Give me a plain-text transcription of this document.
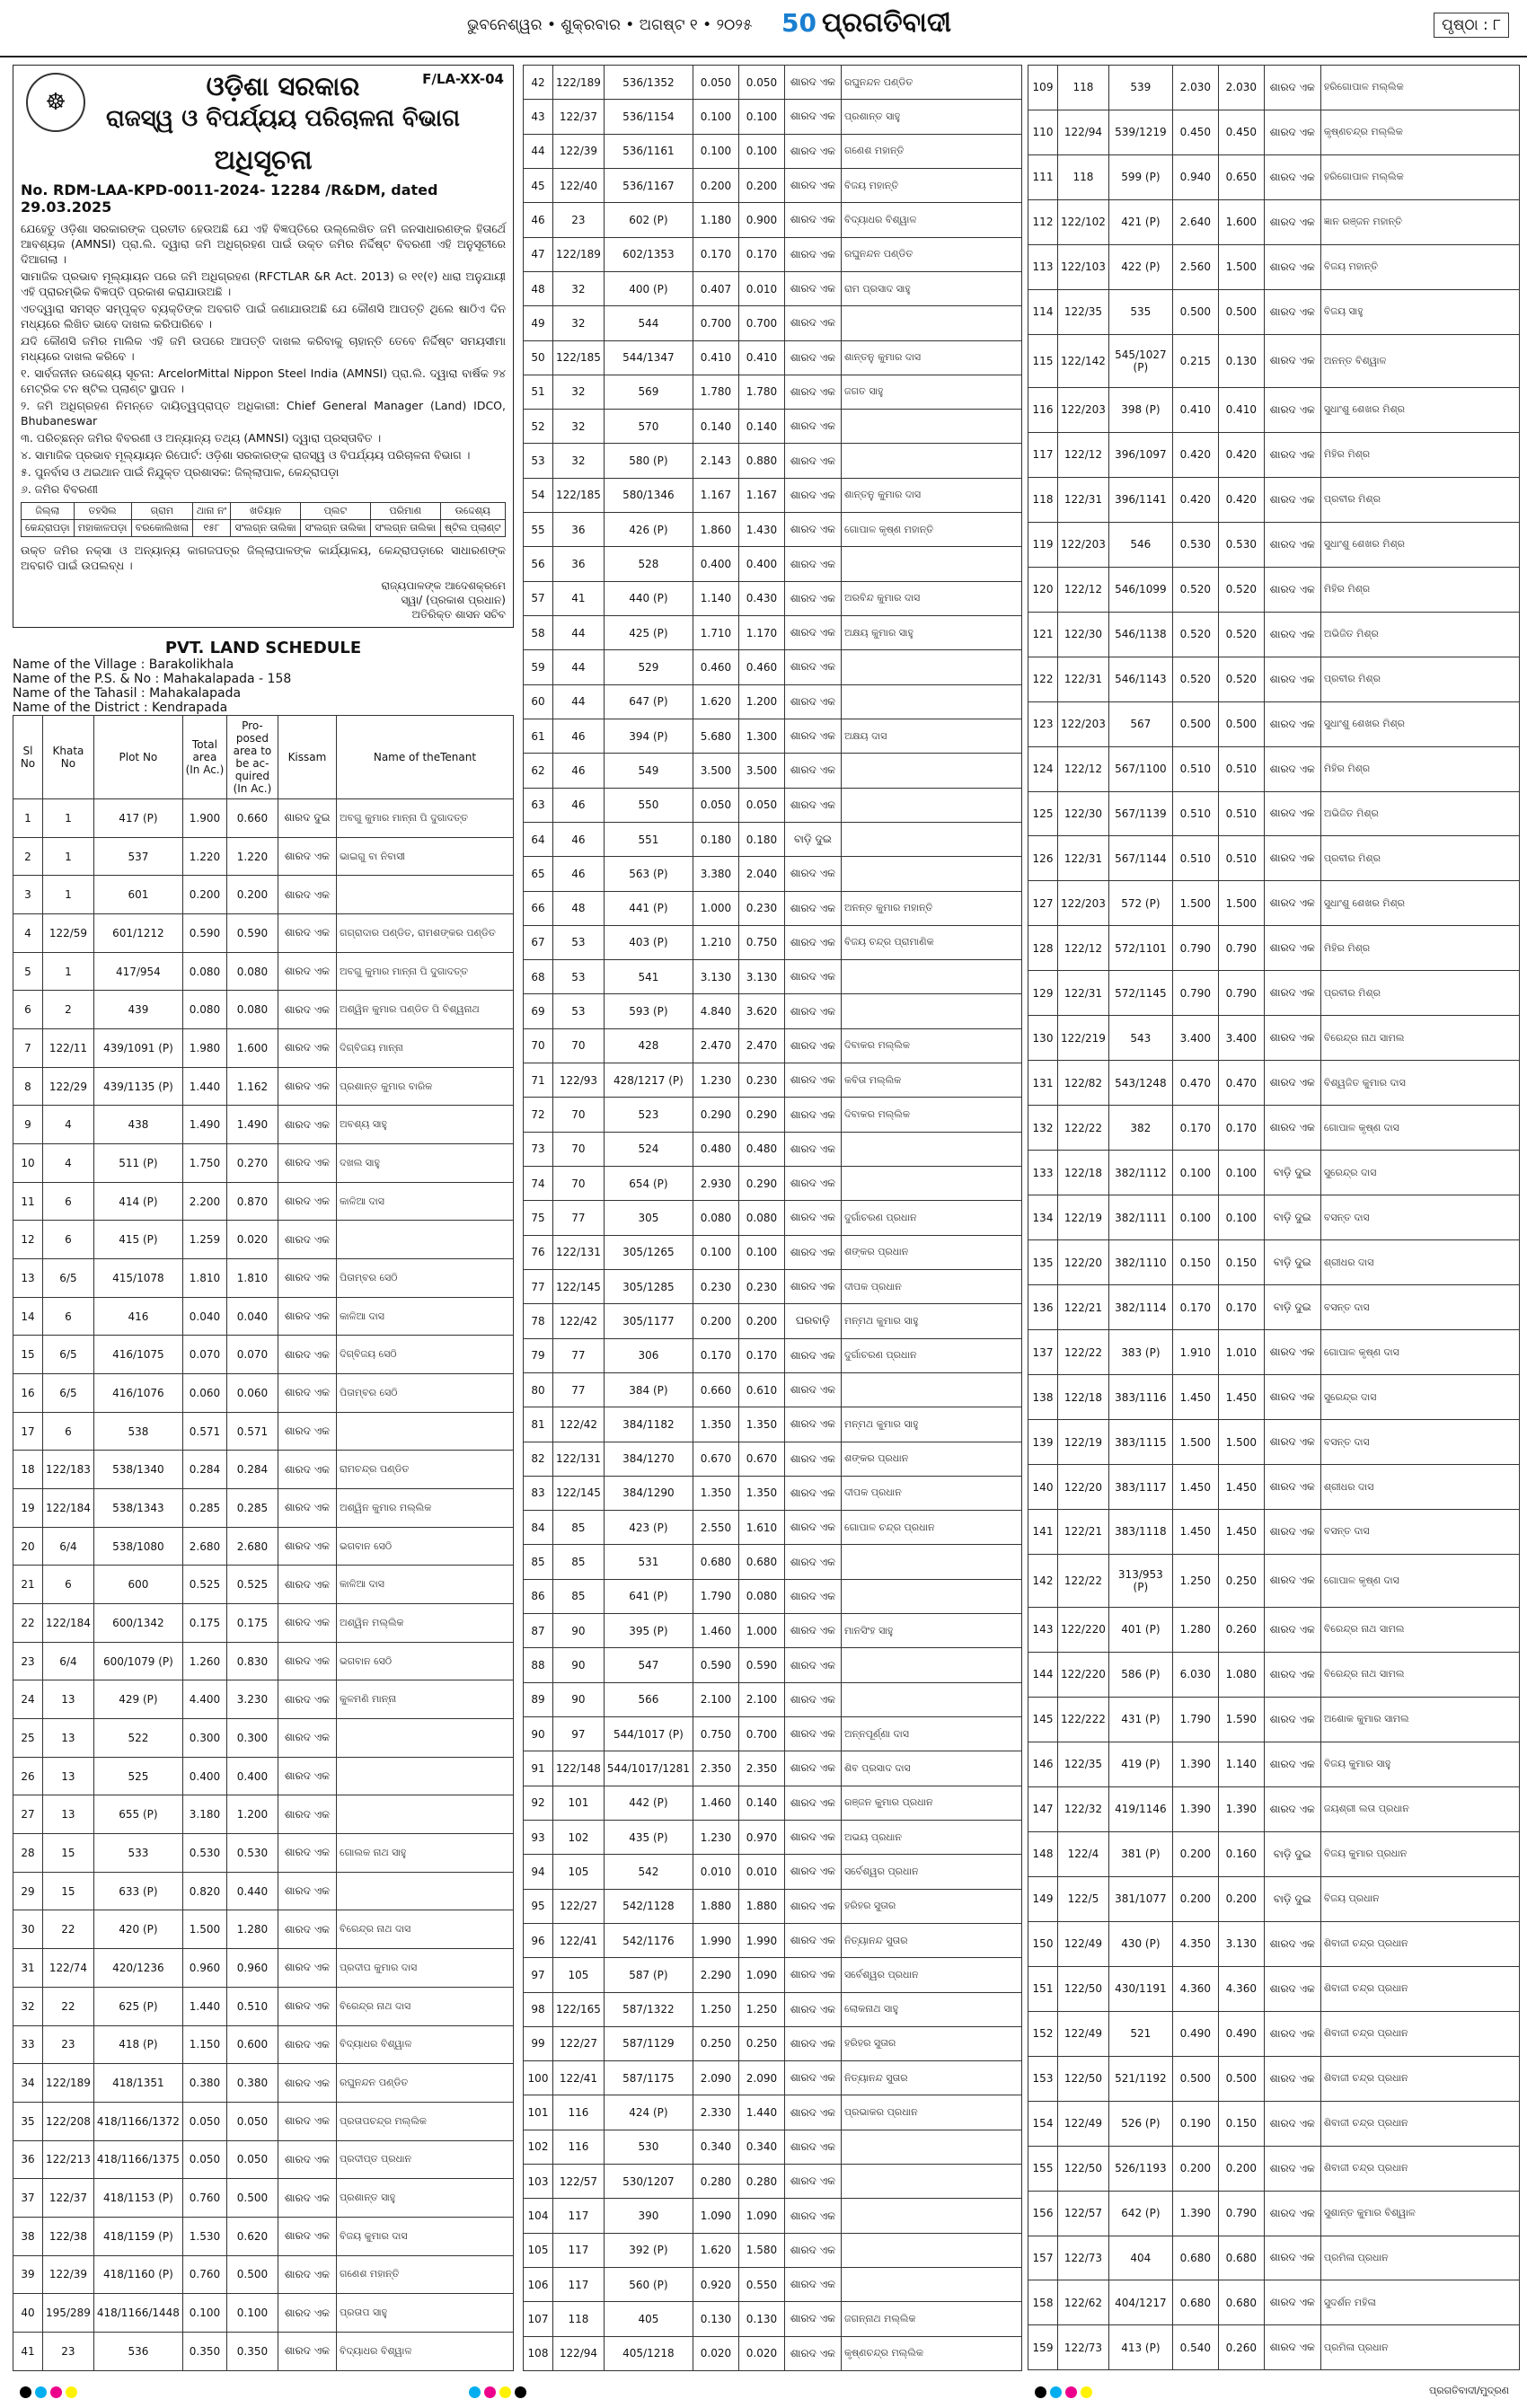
ଭୁବନେଶ୍ୱର • ଶୁକ୍ରବାର • ଅଗଷ୍ଟ ୧ • ୨୦୨୫ 50 ପ୍ରଗତିବାଦୀ	ପୃଷ୍ଠା : ୮
F/LA-XX-04
☸
ଓଡ଼ିଶା ସରକାର
ରାଜସ୍ୱ ଓ ବିପର୍ଯ୍ୟୟ ପରିଚାଳନା ବିଭାଗ
ଅଧିସୂଚନା
No. RDM-LAA-KPD-0011-2024- 12284 /R&DM, dated 29.03.2025

ଯେହେତୁ ଓଡ଼ିଶା ସରକାରଙ୍କ ପ୍ରତୀତ ହେଉଅଛି ଯେ ଏହି ବିଜ୍ଞପ୍ତିରେ ଉଲ୍ଲେଖିତ ଜମି ଜନସାଧାରଣଙ୍କ ହିତାର୍ଥେ ଆବଶ୍ୟକ (AMNSI) ପ୍ରା.ଲି. ଦ୍ୱାରା ଜମି ଅଧିଗ୍ରହଣ ପାଇଁ ଉକ୍ତ ଜମିର ନିର୍ଦ୍ଦିଷ୍ଟ ବିବରଣୀ ଏହି ଅନୁସୂଚୀରେ ଦିଆଗଲା ।

ସାମାଜିକ ପ୍ରଭାବ ମୂଲ୍ୟାୟନ ପରେ ଜମି ଅଧିଗ୍ରହଣ (RFCTLAR &R Act. 2013) ର ୧୧(୧) ଧାରା ଅନୁଯାୟୀ ଏହି ପ୍ରାରମ୍ଭିକ ବିଜ୍ଞପ୍ତି ପ୍ରକାଶ କରାଯାଉଅଛି ।

ଏତଦ୍ୱାରା ସମସ୍ତ ସମ୍ପୃକ୍ତ ବ୍ୟକ୍ତିଙ୍କ ଅବଗତି ପାଇଁ ଜଣାଯାଉଅଛି ଯେ କୌଣସି ଆପତ୍ତି ଥିଲେ ଷାଠିଏ ଦିନ ମଧ୍ୟରେ ଲିଖିତ ଭାବେ ଦାଖଲ କରିପାରିବେ ।

ଯଦି କୌଣସି ଜମିର ମାଲିକ ଏହି ଜମି ଉପରେ ଆପତ୍ତି ଦାଖଲ କରିବାକୁ ଚାହାନ୍ତି ତେବେ ନିର୍ଦ୍ଦିଷ୍ଟ ସମୟସୀମା ମଧ୍ୟରେ ଦାଖଲ କରିବେ ।

୧. ସାର୍ବଜନୀନ ଉଦ୍ଦେଶ୍ୟ ସୂଚନା: ArcelorMittal Nippon Steel India (AMNSI) ପ୍ରା.ଲି. ଦ୍ୱାରା ବାର୍ଷିକ ୨୪ ମେଟ୍ରିକ ଟନ ଷ୍ଟିଲ ପ୍ଲାଣ୍ଟ ସ୍ଥାପନ ।

୨. ଜମି ଅଧିଗ୍ରହଣ ନିମନ୍ତେ ଦାୟିତ୍ୱପ୍ରାପ୍ତ ଅଧିକାରୀ: Chief General Manager (Land) IDCO, Bhubaneswar

୩. ପରିଚ୍ଛନ୍ନ ଜମିର ବିବରଣୀ ଓ ଅନ୍ୟାନ୍ୟ ତଥ୍ୟ (AMNSI) ଦ୍ୱାରା ପ୍ରସ୍ତାବିତ ।

୪. ସାମାଜିକ ପ୍ରଭାବ ମୂଲ୍ୟାୟନ ରିପୋର୍ଟ: ଓଡ଼ିଶା ସରକାରଙ୍କ ରାଜସ୍ୱ ଓ ବିପର୍ଯ୍ୟୟ ପରିଚାଳନା ବିଭାଗ ।

୫. ପୁନର୍ବାସ ଓ ଥଇଥାନ ପାଇଁ ନିଯୁକ୍ତ ପ୍ରଶାସକ: ଜିଲ୍ଲାପାଳ, କେନ୍ଦ୍ରାପଡ଼ା

୬. ଜମିର ବିବରଣୀ

ଜିଲ୍ଲା	ତହସିଲ	ଗ୍ରାମ	ଥାନା ନଂ	ଖତିୟାନ	ପ୍ଲଟ	ପରିମାଣ	ଉଦ୍ଦେଶ୍ୟ
କେନ୍ଦ୍ରାପଡ଼ା	ମହାକାଳପଡ଼ା	ବରକୋଲିଖଳା	୧୫୮	ସଂଲଗ୍ନ ତାଲିକା	ସଂଲଗ୍ନ ତାଲିକା	ସଂଲଗ୍ନ ତାଲିକା	ଷ୍ଟିଲ ପ୍ଲାଣ୍ଟ

ଉକ୍ତ ଜମିର ନକ୍ସା ଓ ଅନ୍ୟାନ୍ୟ କାଗଜପତ୍ର ଜିଲ୍ଲାପାଳଙ୍କ କାର୍ଯ୍ୟାଳୟ, କେନ୍ଦ୍ରାପଡ଼ାରେ ସାଧାରଣଙ୍କ ଅବଗତି ପାଇଁ ଉପଲବ୍ଧ ।

ରାଜ୍ୟପାଳଙ୍କ ଆଦେଶକ୍ରମେ
ସ୍ୱା/ (ପ୍ରକାଶ ପ୍ରଧାନ)
ଅତିରିକ୍ତ ଶାସନ ସଚିବ
PVT. LAND SCHEDULE
Name of the Village : Barakolikhala
Name of the P.S. & No : Mahakalapada - 158
Name of the Tahasil : Mahakalapada
Name of the District : Kendrapada
Sl No	Khata No	Plot No	Total area (In Ac.)	Pro-posed area to be ac-quired (In Ac.)	Kissam	Name of theTenant
1	1	417 (P)	1.900	0.660	ଶାରଦ ଦୁଇ	ଅବଗୁ କୁମାର ମାନ୍ନା ପି ଦୁଗାଦତ୍ତ
2	1	537	1.220	1.220	ଶାରଦ ଏକ	ଭାଇଗୁ ବା ନିବାସୀ
3	1	601	0.200	0.200	ଶାରଦ ଏକ	
4	122/59	601/1212	0.590	0.590	ଶାରଦ ଏକ	ଗଗ୍ରାଦାର ପଣ୍ଡିତ, ରାମଶଙ୍କର ପଣ୍ଡିତ
5	1	417/954	0.080	0.080	ଶାରଦ ଏକ	ଅବଗୁ କୁମାର ମାନ୍ନା ପି ଦୁଗାଦତ୍ତ
6	2	439	0.080	0.080	ଶାରଦ ଏକ	ଅଶ୍ୱିନ କୁମାର ପଣ୍ଡିତ ପି ବିଶ୍ୱନାଥ
7	122/11	439/1091 (P)	1.980	1.600	ଶାରଦ ଏକ	ଦିଗ୍ବିଜୟ ମାନ୍ନା
8	122/29	439/1135 (P)	1.440	1.162	ଶାରଦ ଏକ	ପ୍ରଶାନ୍ତ କୁମାର ବାରିକ
9	4	438	1.490	1.490	ଶାରଦ ଏକ	ଅବଶ୍ୟ ସାହୁ
10	4	511 (P)	1.750	0.270	ଶାରଦ ଏକ	ଦଖଲ ସାହୁ
11	6	414 (P)	2.200	0.870	ଶାରଦ ଏକ	କାଳିଆ ଦାସ
12	6	415 (P)	1.259	0.020	ଶାରଦ ଏକ	
13	6/5	415/1078	1.810	1.810	ଶାରଦ ଏକ	ପିତାମ୍ବର ସେଠି
14	6	416	0.040	0.040	ଶାରଦ ଏକ	କାଳିଆ ଦାସ
15	6/5	416/1075	0.070	0.070	ଶାରଦ ଏକ	ଦିଗ୍ବିଜୟ ସେଠି
16	6/5	416/1076	0.060	0.060	ଶାରଦ ଏକ	ପିତାମ୍ବର ସେଠି
17	6	538	0.571	0.571	ଶାରଦ ଏକ	
18	122/183	538/1340	0.284	0.284	ଶାରଦ ଏକ	ରାମଚନ୍ଦ୍ର ପଣ୍ଡିତ
19	122/184	538/1343	0.285	0.285	ଶାରଦ ଏକ	ଅଶ୍ୱିନ କୁମାର ମଲ୍ଲିକ
20	6/4	538/1080	2.680	2.680	ଶାରଦ ଏକ	ଭଗବାନ ସେଠି
21	6	600	0.525	0.525	ଶାରଦ ଏକ	କାଳିଆ ଦାସ
22	122/184	600/1342	0.175	0.175	ଶାରଦ ଏକ	ଅଶ୍ୱିନ ମଲ୍ଲିକ
23	6/4	600/1079 (P)	1.260	0.830	ଶାରଦ ଏକ	ଭଗବାନ ସେଠି
24	13	429 (P)	4.400	3.230	ଶାରଦ ଏକ	କୁଳମଣି ମାନ୍ନା
25	13	522	0.300	0.300	ଶାରଦ ଏକ	
26	13	525	0.400	0.400	ଶାରଦ ଏକ	
27	13	655 (P)	3.180	1.200	ଶାରଦ ଏକ	
28	15	533	0.530	0.530	ଶାରଦ ଏକ	ଗୋଲକ ନାଥ ସାହୁ
29	15	633 (P)	0.820	0.440	ଶାରଦ ଏକ	
30	22	420 (P)	1.500	1.280	ଶାରଦ ଏକ	ବିରେନ୍ଦ୍ର ନାଥ ଦାସ
31	122/74	420/1236	0.960	0.960	ଶାରଦ ଏକ	ପ୍ରଦୀପ କୁମାର ଦାସ
32	22	625 (P)	1.440	0.510	ଶାରଦ ଏକ	ବିରେନ୍ଦ୍ର ନାଥ ଦାସ
33	23	418 (P)	1.150	0.600	ଶାରଦ ଏକ	ବିଦ୍ୟାଧର ବିଶ୍ୱାଳ
34	122/189	418/1351	0.380	0.380	ଶାରଦ ଏକ	ରଘୁନନ୍ଦନ ପଣ୍ଡିତ
35	122/208	418/1166/1372	0.050	0.050	ଶାରଦ ଏକ	ପ୍ରତାପଚନ୍ଦ୍ର ମଲ୍ଲିକ
36	122/213	418/1166/1375	0.050	0.050	ଶାରଦ ଏକ	ପ୍ରଦୀପ୍ତ ପ୍ରଧାନ
37	122/37	418/1153 (P)	0.760	0.500	ଶାରଦ ଏକ	ପ୍ରଶାନ୍ତ ସାହୁ
38	122/38	418/1159 (P)	1.530	0.620	ଶାରଦ ଏକ	ବିଜୟ କୁମାର ଦାସ
39	122/39	418/1160 (P)	0.760	0.500	ଶାରଦ ଏକ	ଗଣେଶ ମହାନ୍ତି
40	195/289	418/1166/1448	0.100	0.100	ଶାରଦ ଏକ	ପ୍ରତାପ ସାହୁ
41	23	536	0.350	0.350	ଶାରଦ ଏକ	ବିଦ୍ୟାଧର ବିଶ୍ୱାଳ
42	122/189	536/1352	0.050	0.050	ଶାରଦ ଏକ	ରଘୁନନ୍ଦନ ପଣ୍ଡିତ
43	122/37	536/1154	0.100	0.100	ଶାରଦ ଏକ	ପ୍ରଶାନ୍ତ ସାହୁ
44	122/39	536/1161	0.100	0.100	ଶାରଦ ଏକ	ଗଣେଶ ମହାନ୍ତି
45	122/40	536/1167	0.200	0.200	ଶାରଦ ଏକ	ବିଜୟ ମହାନ୍ତି
46	23	602 (P)	1.180	0.900	ଶାରଦ ଏକ	ବିଦ୍ୟାଧର ବିଶ୍ୱାଳ
47	122/189	602/1353	0.170	0.170	ଶାରଦ ଏକ	ରଘୁନନ୍ଦନ ପଣ୍ଡିତ
48	32	400 (P)	0.407	0.010	ଶାରଦ ଏକ	ରାମ ପ୍ରସାଦ ସାହୁ
49	32	544	0.700	0.700	ଶାରଦ ଏକ	
50	122/185	544/1347	0.410	0.410	ଶାରଦ ଏକ	ଶାନ୍ତନୁ କୁମାର ଦାସ
51	32	569	1.780	1.780	ଶାରଦ ଏକ	ଜଗତ ସାହୁ
52	32	570	0.140	0.140	ଶାରଦ ଏକ	
53	32	580 (P)	2.143	0.880	ଶାରଦ ଏକ	
54	122/185	580/1346	1.167	1.167	ଶାରଦ ଏକ	ଶାନ୍ତନୁ କୁମାର ଦାସ
55	36	426 (P)	1.860	1.430	ଶାରଦ ଏକ	ଗୋପାଳ କୃଷ୍ଣ ମହାନ୍ତି
56	36	528	0.400	0.400	ଶାରଦ ଏକ	
57	41	440 (P)	1.140	0.430	ଶାରଦ ଏକ	ଅରବିନ୍ଦ କୁମାର ଦାସ
58	44	425 (P)	1.710	1.170	ଶାରଦ ଏକ	ଅକ୍ଷୟ କୁମାର ସାହୁ
59	44	529	0.460	0.460	ଶାରଦ ଏକ	
60	44	647 (P)	1.620	1.200	ଶାରଦ ଏକ	
61	46	394 (P)	5.680	1.300	ଶାରଦ ଏକ	ଅକ୍ଷୟ ଦାସ
62	46	549	3.500	3.500	ଶାରଦ ଏକ	
63	46	550	0.050	0.050	ଶାରଦ ଏକ	
64	46	551	0.180	0.180	ବାଡ଼ି ଦୁଇ	
65	46	563 (P)	3.380	2.040	ଶାରଦ ଏକ	
66	48	441 (P)	1.000	0.230	ଶାରଦ ଏକ	ଅନନ୍ତ କୁମାର ମହାନ୍ତି
67	53	403 (P)	1.210	0.750	ଶାରଦ ଏକ	ବିଜୟ ଚନ୍ଦ୍ର ପ୍ରାମାଣିକ
68	53	541	3.130	3.130	ଶାରଦ ଏକ	
69	53	593 (P)	4.840	3.620	ଶାରଦ ଏକ	
70	70	428	2.470	2.470	ଶାରଦ ଏକ	ଦିବାକର ମଲ୍ଲିକ
71	122/93	428/1217 (P)	1.230	0.230	ଶାରଦ ଏକ	କବିତା ମଲ୍ଲିକ
72	70	523	0.290	0.290	ଶାରଦ ଏକ	ଦିବାକର ମଲ୍ଲିକ
73	70	524	0.480	0.480	ଶାରଦ ଏକ	
74	70	654 (P)	2.930	0.290	ଶାରଦ ଏକ	
75	77	305	0.080	0.080	ଶାରଦ ଏକ	ଦୁର୍ଗାଚରଣ ପ୍ରଧାନ
76	122/131	305/1265	0.100	0.100	ଶାରଦ ଏକ	ଶଙ୍କର ପ୍ରଧାନ
77	122/145	305/1285	0.230	0.230	ଶାରଦ ଏକ	ଦୀପକ ପ୍ରଧାନ
78	122/42	305/1177	0.200	0.200	ଘରବାଡ଼ି	ମନ୍ମଥ କୁମାର ସାହୁ
79	77	306	0.170	0.170	ଶାରଦ ଏକ	ଦୁର୍ଗାଚରଣ ପ୍ରଧାନ
80	77	384 (P)	0.660	0.610	ଶାରଦ ଏକ	
81	122/42	384/1182	1.350	1.350	ଶାରଦ ଏକ	ମନ୍ମଥ କୁମାର ସାହୁ
82	122/131	384/1270	0.670	0.670	ଶାରଦ ଏକ	ଶଙ୍କର ପ୍ରଧାନ
83	122/145	384/1290	1.350	1.350	ଶାରଦ ଏକ	ଦୀପକ ପ୍ରଧାନ
84	85	423 (P)	2.550	1.610	ଶାରଦ ଏକ	ଗୋପାଳ ଚନ୍ଦ୍ର ପ୍ରଧାନ
85	85	531	0.680	0.680	ଶାରଦ ଏକ	
86	85	641 (P)	1.790	0.080	ଶାରଦ ଏକ	
87	90	395 (P)	1.460	1.000	ଶାରଦ ଏକ	ମାନସିଂହ ସାହୁ
88	90	547	0.590	0.590	ଶାରଦ ଏକ	
89	90	566	2.100	2.100	ଶାରଦ ଏକ	
90	97	544/1017 (P)	0.750	0.700	ଶାରଦ ଏକ	ଅନ୍ନପୂର୍ଣ୍ଣା ଦାସ
91	122/148	544/1017/1281	2.350	2.350	ଶାରଦ ଏକ	ଶିବ ପ୍ରସାଦ ଦାସ
92	101	442 (P)	1.460	0.140	ଶାରଦ ଏକ	ରଞ୍ଜନ କୁମାର ପ୍ରଧାନ
93	102	435 (P)	1.230	0.970	ଶାରଦ ଏକ	ଅଭୟ ପ୍ରଧାନ
94	105	542	0.010	0.010	ଶାରଦ ଏକ	ସର୍ବେଶ୍ୱର ପ୍ରଧାନ
95	122/27	542/1128	1.880	1.880	ଶାରଦ ଏକ	ହରିହର ସୁତାର
96	122/41	542/1176	1.990	1.990	ଶାରଦ ଏକ	ନିତ୍ୟାନନ୍ଦ ସୁତାର
97	105	587 (P)	2.290	1.090	ଶାରଦ ଏକ	ସର୍ବେଶ୍ୱର ପ୍ରଧାନ
98	122/165	587/1322	1.250	1.250	ଶାରଦ ଏକ	ଲୋକନାଥ ସାହୁ
99	122/27	587/1129	0.250	0.250	ଶାରଦ ଏକ	ହରିହର ସୁତାର
100	122/41	587/1175	2.090	2.090	ଶାରଦ ଏକ	ନିତ୍ୟାନନ୍ଦ ସୁତାର
101	116	424 (P)	2.330	1.440	ଶାରଦ ଏକ	ପ୍ରଭାକର ପ୍ରଧାନ
102	116	530	0.340	0.340	ଶାରଦ ଏକ	
103	122/57	530/1207	0.280	0.280	ଶାରଦ ଏକ	
104	117	390	1.090	1.090	ଶାରଦ ଏକ	
105	117	392 (P)	1.620	1.580	ଶାରଦ ଏକ	
106	117	560 (P)	0.920	0.550	ଶାରଦ ଏକ	
107	118	405	0.130	0.130	ଶାରଦ ଏକ	ଜଗନ୍ନାଥ ମଲ୍ଲିକ
108	122/94	405/1218	0.020	0.020	ଶାରଦ ଏକ	କୃଷ୍ଣଚନ୍ଦ୍ର ମଲ୍ଲିକ
109	118	539	2.030	2.030	ଶାରଦ ଏକ	ହରିଗୋପାଳ ମଲ୍ଲିକ
110	122/94	539/1219	0.450	0.450	ଶାରଦ ଏକ	କୃଷ୍ଣଚନ୍ଦ୍ର ମଲ୍ଲିକ
111	118	599 (P)	0.940	0.650	ଶାରଦ ଏକ	ହରିଗୋପାଳ ମଲ୍ଲିକ
112	122/102	421 (P)	2.640	1.600	ଶାରଦ ଏକ	ଜ୍ଞାନ ରଞ୍ଜନ ମହାନ୍ତି
113	122/103	422 (P)	2.560	1.500	ଶାରଦ ଏକ	ବିଜୟ ମହାନ୍ତି
114	122/35	535	0.500	0.500	ଶାରଦ ଏକ	ବିଜୟ ସାହୁ
115	122/142	545/1027 (P)	0.215	0.130	ଶାରଦ ଏକ	ଅନନ୍ତ ବିଶ୍ୱାଳ
116	122/203	398 (P)	0.410	0.410	ଶାରଦ ଏକ	ସୁଧାଂଶୁ ଶେଖର ମିଶ୍ର
117	122/12	396/1097	0.420	0.420	ଶାରଦ ଏକ	ମିହିର ମିଶ୍ର
118	122/31	396/1141	0.420	0.420	ଶାରଦ ଏକ	ପ୍ରବୀର ମିଶ୍ର
119	122/203	546	0.530	0.530	ଶାରଦ ଏକ	ସୁଧାଂଶୁ ଶେଖର ମିଶ୍ର
120	122/12	546/1099	0.520	0.520	ଶାରଦ ଏକ	ମିହିର ମିଶ୍ର
121	122/30	546/1138	0.520	0.520	ଶାରଦ ଏକ	ଅଭିଜିତ ମିଶ୍ର
122	122/31	546/1143	0.520	0.520	ଶାରଦ ଏକ	ପ୍ରବୀର ମିଶ୍ର
123	122/203	567	0.500	0.500	ଶାରଦ ଏକ	ସୁଧାଂଶୁ ଶେଖର ମିଶ୍ର
124	122/12	567/1100	0.510	0.510	ଶାରଦ ଏକ	ମିହିର ମିଶ୍ର
125	122/30	567/1139	0.510	0.510	ଶାରଦ ଏକ	ଅଭିଜିତ ମିଶ୍ର
126	122/31	567/1144	0.510	0.510	ଶାରଦ ଏକ	ପ୍ରବୀର ମିଶ୍ର
127	122/203	572 (P)	1.500	1.500	ଶାରଦ ଏକ	ସୁଧାଂଶୁ ଶେଖର ମିଶ୍ର
128	122/12	572/1101	0.790	0.790	ଶାରଦ ଏକ	ମିହିର ମିଶ୍ର
129	122/31	572/1145	0.790	0.790	ଶାରଦ ଏକ	ପ୍ରବୀର ମିଶ୍ର
130	122/219	543	3.400	3.400	ଶାରଦ ଏକ	ବିରେନ୍ଦ୍ର ନାଥ ସାମଲ
131	122/82	543/1248	0.470	0.470	ଶାରଦ ଏକ	ବିଶ୍ୱଜିତ କୁମାର ଦାସ
132	122/22	382	0.170	0.170	ଶାରଦ ଏକ	ଗୋପାଳ କୃଷ୍ଣ ଦାସ
133	122/18	382/1112	0.100	0.100	ବାଡ଼ି ଦୁଇ	ସୁରେନ୍ଦ୍ର ଦାସ
134	122/19	382/1111	0.100	0.100	ବାଡ଼ି ଦୁଇ	ବସନ୍ତ ଦାସ
135	122/20	382/1110	0.150	0.150	ବାଡ଼ି ଦୁଇ	ଶ୍ରୀଧର ଦାସ
136	122/21	382/1114	0.170	0.170	ବାଡ଼ି ଦୁଇ	ବସନ୍ତ ଦାସ
137	122/22	383 (P)	1.910	1.010	ଶାରଦ ଏକ	ଗୋପାଳ କୃଷ୍ଣ ଦାସ
138	122/18	383/1116	1.450	1.450	ଶାରଦ ଏକ	ସୁରେନ୍ଦ୍ର ଦାସ
139	122/19	383/1115	1.500	1.500	ଶାରଦ ଏକ	ବସନ୍ତ ଦାସ
140	122/20	383/1117	1.450	1.450	ଶାରଦ ଏକ	ଶ୍ରୀଧର ଦାସ
141	122/21	383/1118	1.450	1.450	ଶାରଦ ଏକ	ବସନ୍ତ ଦାସ
142	122/22	313/953 (P)	1.250	0.250	ଶାରଦ ଏକ	ଗୋପାଳ କୃଷ୍ଣ ଦାସ
143	122/220	401 (P)	1.280	0.260	ଶାରଦ ଏକ	ବିରେନ୍ଦ୍ର ନାଥ ସାମଲ
144	122/220	586 (P)	6.030	1.080	ଶାରଦ ଏକ	ବିରେନ୍ଦ୍ର ନାଥ ସାମଲ
145	122/222	431 (P)	1.790	1.590	ଶାରଦ ଏକ	ଅଶୋକ କୁମାର ସାମଲ
146	122/35	419 (P)	1.390	1.140	ଶାରଦ ଏକ	ବିଜୟ କୁମାର ସାହୁ
147	122/32	419/1146	1.390	1.390	ଶାରଦ ଏକ	ଜୟଶ୍ରୀ ଲତା ପ୍ରଧାନ
148	122/4	381 (P)	0.200	0.160	ବାଡ଼ି ଦୁଇ	ବିଜୟ କୁମାର ପ୍ରଧାନ
149	122/5	381/1077	0.200	0.200	ବାଡ଼ି ଦୁଇ	ବିଜୟ ପ୍ରଧାନ
150	122/49	430 (P)	4.350	3.130	ଶାରଦ ଏକ	ଶିବାଜୀ ଚନ୍ଦ୍ର ପ୍ରଧାନ
151	122/50	430/1191	4.360	4.360	ଶାରଦ ଏକ	ଶିବାଜୀ ଚନ୍ଦ୍ର ପ୍ରଧାନ
152	122/49	521	0.490	0.490	ଶାରଦ ଏକ	ଶିବାଜୀ ଚନ୍ଦ୍ର ପ୍ରଧାନ
153	122/50	521/1192	0.500	0.500	ଶାରଦ ଏକ	ଶିବାଜୀ ଚନ୍ଦ୍ର ପ୍ରଧାନ
154	122/49	526 (P)	0.190	0.150	ଶାରଦ ଏକ	ଶିବାଜୀ ଚନ୍ଦ୍ର ପ୍ରଧାନ
155	122/50	526/1193	0.200	0.200	ଶାରଦ ଏକ	ଶିବାଜୀ ଚନ୍ଦ୍ର ପ୍ରଧାନ
156	122/57	642 (P)	1.390	0.790	ଶାରଦ ଏକ	ସୁଶାନ୍ତ କୁମାର ବିଶ୍ୱାଳ
157	122/73	404	0.680	0.680	ଶାରଦ ଏକ	ପ୍ରମିଳା ପ୍ରଧାନ
158	122/62	404/1217	0.680	0.680	ଶାରଦ ଏକ	ସୁଦର୍ଶନ ମହିଳା
159	122/73	413 (P)	0.540	0.260	ଶାରଦ ଏକ	ପ୍ରମିଳା ପ୍ରଧାନ
ପ୍ରଗତିବାଦୀ/ମୁଦ୍ରଣ
